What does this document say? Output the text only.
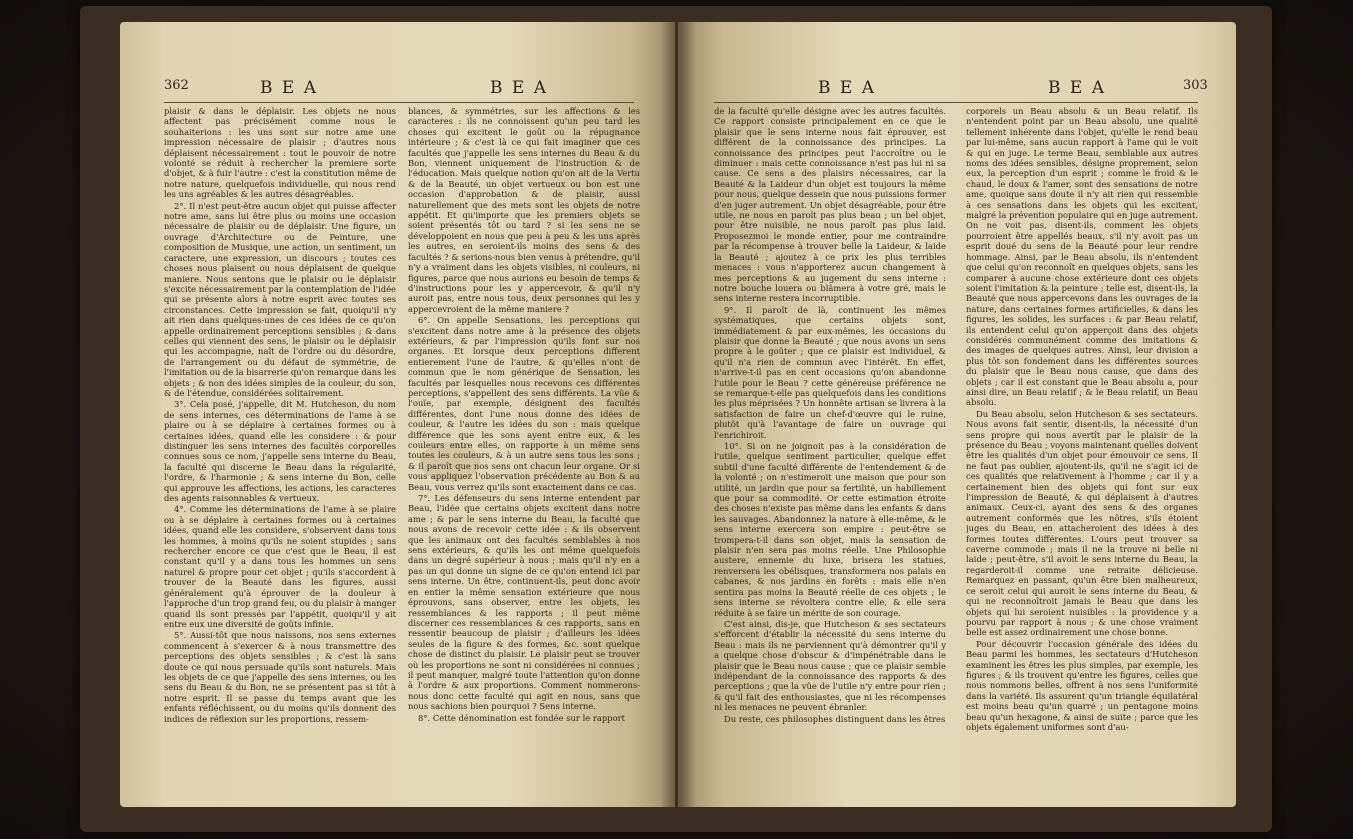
362	B E A	B E A

plaisir & dans le déplaisir. Les objets ne nous affectent pas précisément comme nous le souhaiterions : les uns sont sur notre ame une impression nécessaire de plaisir ; d'autres nous déplaisent nécessairement : tout le pouvoir de notre volonté se réduit à rechercher la premiere sorte d'objet, & à fuir l'autre : c'est la constitution même de notre nature, quelquefois individuelle, qui nous rend les uns agréables & les autres désagréables.

2°. Il n'est peut-être aucun objet qui puisse affecter notre ame, sans lui être plus ou moins une occasion nécessaire de plaisir ou de déplaisir. Une figure, un ouvrage d'Architecture ou de Peinture, une composition de Musique, une action, un sentiment, un caractere, une expression, un discours ; toutes ces choses nous plaisent ou nous déplaisent de quelque maniere. Nous sentons que le plaisir ou le déplaisir s'excite nécessairement par la contemplation de l'idée qui se présente alors à notre esprit avec toutes ses circonstances. Cette impression se fait, quoiqu'il n'y ait rien dans quelques-unes de ces idées de ce qu'on appelle ordinairement perceptions sensibles ; & dans celles qui viennent des sens, le plaisir ou le déplaisir qui les accompagne, naît de l'ordre ou du désordre, de l'arrangement ou du défaut de symmétrie, de l'imitation ou de la bisarrerie qu'on remarque dans les objets ; & non des idées simples de la couleur, du son, & de l'étendue, considérées solitairement.

3°. Cela posé, j'appelle, dit M. Hutcheson, du nom de sens internes, ces déterminations de l'ame à se plaire ou à se déplaire à certaines formes ou à certaines idées, quand elle les considere : & pour distinguer les sens internes des facultés corporelles connues sous ce nom, j'appelle sens interne du Beau, la faculté qui discerne le Beau dans la régularité, l'ordre, & l'harmonie ; & sens interne du Bon, celle qui approuve les affections, les actions, les caracteres des agents raisonnables & vertueux.

4°. Comme les déterminations de l'ame à se plaire ou à se déplaire à certaines formes ou à certaines idées, quand elle les considere, s'observent dans tous les hommes, à moins qu'ils ne soient stupides ; sans rechercher encore ce que c'est que le Beau, il est constant qu'il y a dans tous les hommes un sens naturel & propre pour cet objet ; qu'ils s'accordent à trouver de la Beauté dans les figures, aussi généralement qu'à éprouver de la douleur à l'approche d'un trop grand feu, ou du plaisir à manger quand ils sont pressés par l'appétit, quoiqu'il y ait entre eux une diversité de goûts infinie.

5°. Aussi-tôt que nous naissons, nos sens externes commencent à s'exercer & à nous transmettre des perceptions des objets sensibles ; & c'est là sans doute ce qui nous persuade qu'ils sont naturels. Mais les objets de ce que j'appelle des sens internes, ou les sens du Beau & du Bon, ne se présentent pas si tôt à notre esprit. Il se passe du temps avant que les enfants réfléchissent, ou du moins qu'ils donnent des indices de réflexion sur les proportions, ressem-

blances, & symmétries, sur les affections & les caracteres : ils ne connoissent qu'un peu tard les choses qui excitent le goût ou la répugnance intérieure ; & c'est là ce qui fait imaginer que ces facultés que j'appelle les sens internes du Beau & du Bon, viennent uniquement de l'instruction & de l'éducation. Mais quelque notion qu'on ait de la Vertu & de la Beauté, un objet vertueux ou bon est une occasion d'approbation & de plaisir, aussi naturellement que des mets sont les objets de notre appétit. Et qu'importe que les premiers objets se soient présentés tôt ou tard ? si les sens ne se développoient en nous que peu à peu & les uns après les autres, en seroient-ils moins des sens & des facultés ? & serions-nous bien venus à prétendre, qu'il n'y a vraiment dans les objets visibles, ni couleurs, ni figures, parce que nous aurions eu besoin de temps & d'instructions pour les y appercevoir, & qu'il n'y auroit pas, entre nous tous, deux personnes qui les y appercevroient de la même maniere ?

6°. On appelle Sensations, les perceptions qui s'excitent dans notre ame à la présence des objets extérieurs, & par l'impression qu'ils font sur nos organes. Et lorsque deux perceptions different entierement l'une de l'autre, & qu'elles n'ont de commun que le nom générique de Sensation, les facultés par lesquelles nous recevons ces différentes perceptions, s'appellent des sens différents. La vûe & l'ouïe, par exemple, désignent des facultés différentes, dont l'une nous donne des idées de couleur, & l'autre les idées du son : mais quelque différence que les sons ayent entre eux, & les couleurs entre elles, on rapporte à un même sens toutes les couleurs, & à un autre sens tous les sons ; & il paroît que nos sens ont chacun leur organe. Or si vous appliquez l'observation précédente au Bon & au Beau, vous verrez qu'ils sont exactement dans ce cas.

7°. Les défenseurs du sens interne entendent par Beau, l'idée que certains objets excitent dans notre ame ; & par le sens interne du Beau, la faculté que nous avons de recevoir cette idée : & ils observent que les animaux ont des facultés semblables à nos sens extérieurs, & qu'ils les ont même quelquefois dans un degré supérieur à nous ; mais qu'il n'y en a pas un qui donne un signe de ce qu'on entend ici par sens interne. Un être, continuent-ils, peut donc avoir en entier la même sensation extérieure que nous éprouvons, sans observer, entre les objets, les ressemblances & les rapports ; il peut même discerner ces ressemblances & ces rapports, sans en ressentir beaucoup de plaisir ; d'ailleurs les idées seules de la figure & des formes, &c. sont quelque chose de distinct du plaisir. Le plaisir peut se trouver où les proportions ne sont ni considérées ni connues ; il peut manquer, malgré toute l'attention qu'on donne à l'ordre & aux proportions. Comment nommerons-nous donc cette faculté qui agit en nous, sans que nous sachions bien pourquoi ? Sens interne.

8°. Cette dénomination est fondée sur le rapport

B E A	B E A	303

de la faculté qu'elle désigne avec les autres facultés. Ce rapport consiste principalement en ce que le plaisir que le sens interne nous fait éprouver, est différent de la connoissance des principes. La connoissance des principes peut l'accroître ou le diminuer : mais cette connoissance n'est pas lui ni sa cause. Ce sens a des plaisirs nécessaires, car la Beauté & la Laideur d'un objet est toujours la même pour nous, quelque dessein que nous puissions former d'en juger autrement. Un objet désagréable, pour être utile, ne nous en paroît pas plus beau ; un bel objet, pour être nuisible, ne nous paroît pas plus laid. Proposezmoi le monde entier, pour me contraindre par la récompense à trouver belle la Laideur, & laide la Beauté ; ajoutez à ce prix les plus terribles menaces : vous n'apporterez aucun changement à mes perceptions & au jugement du sens interne : notre bouche louera ou blâmera à votre gré, mais le sens interne restera incorruptible.

9°. Il paroît de là, continuent les mêmes systématiques, que certains objets sont, immédiatement & par eux-mêmes, les occasions du plaisir que donne la Beauté ; que nous avons un sens propre à le goûter ; que ce plaisir est individuel, & qu'il n'a rien de commun avec l'intérêt. En effet, n'arrive-t-il pas en cent occasions qu'on abandonne l'utile pour le Beau ? cette généreuse préférence ne se remarque-t-elle pas quelquefois dans les conditions les plus méprisées ? Un honnête artisan se livrera à la satisfaction de faire un chef-d'œuvre qui le ruine, plutôt qu'à l'avantage de faire un ouvrage qui l'enrichiroit.

10°. Si on ne joignoit pas à la considération de l'utile, quelque sentiment particulier, quelque effet subtil d'une faculté différente de l'entendement & de la volonté ; on n'estimeroit une maison que pour son utilité, un jardin que pour sa fertilité, un habillement que pour sa commodité. Or cette estimation étroite des choses n'existe pas même dans les enfants & dans les sauvages. Abandonnez la nature à elle-même, & le sens interne exercera son empire : peut-être se trompera-t-il dans son objet, mais la sensation de plaisir n'en sera pas moins réelle. Une Philosophie austere, ennemie du luxe, brisera les statues, renversera les obélisques, transformera nos palais en cabanes, & nos jardins en forêts : mais elle n'en sentira pas moins la Beauté réelle de ces objets ; le sens interne se révoltera contre elle, & elle sera réduite à se faire un mérite de son courage.

C'est ainsi, dis-je, que Hutcheson & ses sectateurs s'efforcent d'établir la nécessité du sens interne du Beau : mais ils ne parviennent qu'à démontrer qu'il y a quelque chose d'obscur & d'impénétrable dans le plaisir que le Beau nous cause ; que ce plaisir semble indépendant de la connoissance des rapports & des perceptions ; que la vûe de l'utile n'y entre pour rien ; & qu'il fait des enthousiastes, que ni les récompenses ni les menaces ne peuvent ébranler.

Du reste, ces philosophes distinguent dans les êtres

corporels un Beau absolu & un Beau relatif. Ils n'entendent point par un Beau absolu, une qualité tellement inhérente dans l'objet, qu'elle le rend beau par lui-même, sans aucun rapport à l'ame qui le voit & qui en juge. Le terme Beau, semblable aux autres noms des idées sensibles, désigne proprement, selon eux, la perception d'un esprit ; comme le froid & le chaud, le doux & l'amer, sont des sensations de notre ame, quoique sans doute il n'y ait rien qui ressemble à ces sensations dans les objets qui les excitent, malgré la prévention populaire qui en juge autrement. On ne voit pas, disent-ils, comment les objets pourroient être appellés beaux, s'il n'y avoit pas un esprit doué du sens de la Beauté pour leur rendre hommage. Ainsi, par le Beau absolu, ils n'entendent que celui qu'on reconnoît en quelques objets, sans les comparer à aucune chose extérieure dont ces objets soient l'imitation & la peinture ; telle est, disent-ils, la Beauté que nous appercevons dans les ouvrages de la nature, dans certaines formes artificielles, & dans les figures, les solides, les surfaces : & par Beau relatif, ils entendent celui qu'on apperçoit dans des objets considérés communément comme des imitations & des images de quelques autres. Ainsi, leur division a plus tôt son fondement dans les différentes sources du plaisir que le Beau nous cause, que dans des objets ; car il est constant que le Beau absolu a, pour ainsi dire, un Beau relatif ; & le Beau relatif, un Beau absolu.

Du Beau absolu, selon Hutcheson & ses sectateurs. Nous avons fait sentir, disent-ils, la nécessité d'un sens propre qui nous avertît par le plaisir de la présence du Beau ; voyons maintenant quelles doivent être les qualités d'un objet pour émouvoir ce sens. Il ne faut pas oublier, ajoutent-ils, qu'il ne s'agit ici de ces qualités que relativement à l'homme ; car il y a certainement bien des objets qui font sur eux l'impression de Beauté, & qui déplaisent à d'autres animaux. Ceux-ci, ayant des sens & des organes autrement conformés que les nôtres, s'ils étoient juges du Beau, en attacheroient des idées à des formes toutes différentes. L'ours peut trouver sa caverne commode ; mais il ne la trouve ni belle ni laide ; peut-être, s'il avoit le sens interne du Beau, la regarderoit-il comme une retraite délicieuse. Remarquez en passant, qu'un être bien malheureux, ce seroit celui qui auroit le sens interne du Beau, & qui ne reconnoîtroit jamais le Beau que dans les objets qui lui seroient nuisibles : la providence y a pourvu par rapport à nous ; & une chose vraiment belle est assez ordinairement une chose bonne.

Pour découvrir l'occasion générale des idées du Beau parmi les hommes, les sectateurs d'Hutcheson examinent les êtres les plus simples, par exemple, les figures ; & ils trouvent qu'entre les figures, celles que nous nommons belles, offrent à nos sens l'uniformité dans la variété. Ils assurent qu'un triangle équilatéral est moins beau qu'un quarré ; un pentagone moins beau qu'un hexagone, & ainsi de suite ; parce que les objets également uniformes sont d'au-
